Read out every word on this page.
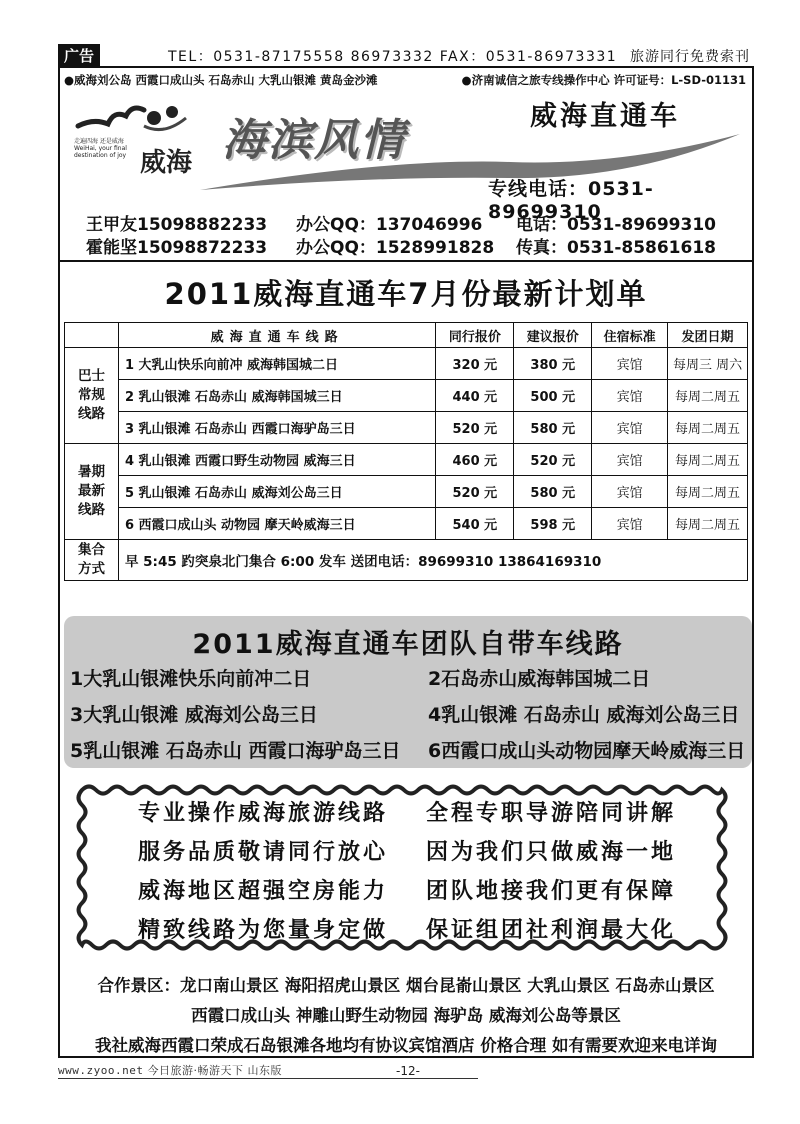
广告	TEL：0531-87175558 86973332 FAX：0531-86973331 旅游同行免费索刊
●威海刘公岛 西霞口成山头 石岛赤山 大乳山银滩 黄岛金沙滩	●济南诚信之旅专线操作中心 许可证号：L-SD-01131
走遍四海 还是威海 WeiHai, your final destination of joy 威海 海滨风情	威海直通车
专线电话：0531-89699310
王甲友15098882233 办公QQ：137046996 电话：0531-89699310
霍能坚15098872233 办公QQ：1528991828 传真：0531-85861618
2011威海直通车7月份最新计划单
	威海直通车线路	同行报价	建议报价	住宿标准	发团日期

巴士常规线路	1 大乳山快乐向前冲 威海韩国城二日	320 元	380 元	宾馆	每周三 周六
	2 乳山银滩 石岛赤山 威海韩国城三日	440 元	500 元	宾馆	每周二周五
	3 乳山银滩 石岛赤山 西霞口海驴岛三日	520 元	580 元	宾馆	每周二周五

暑期最新线路	4 乳山银滩 西霞口野生动物园 威海三日	460 元	520 元	宾馆	每周二周五
	5 乳山银滩 石岛赤山 威海刘公岛三日	520 元	580 元	宾馆	每周二周五
	6 西霞口成山头 动物园 摩天岭威海三日	540 元	598 元	宾馆	每周二周五

集合方式	早 5:45 趵突泉北门集合 6:00 发车 送团电话：89699310 13864169310				
2011威海直通车团队自带车线路
1大乳山银滩快乐向前冲二日	2石岛赤山威海韩国城二日
3大乳山银滩 威海刘公岛三日	4乳山银滩 石岛赤山 威海刘公岛三日
5乳山银滩 石岛赤山 西霞口海驴岛三日 6西霞口成山头动物园摩天岭威海三日
专业操作威海旅游线路 全程专职导游陪同讲解
服务品质敬请同行放心 因为我们只做威海一地
威海地区超强空房能力 团队地接我们更有保障
精致线路为您量身定做 保证组团社利润最大化
合作景区：龙口南山景区 海阳招虎山景区 烟台昆嵛山景区 大乳山景区 石岛赤山景区
西霞口成山头 神雕山野生动物园 海驴岛 威海刘公岛等景区
我社威海西霞口荣成石岛银滩各地均有协议宾馆酒店 价格合理 如有需要欢迎来电详询
www.zyoo.net 今日旅游·畅游天下 山东版	-12-
